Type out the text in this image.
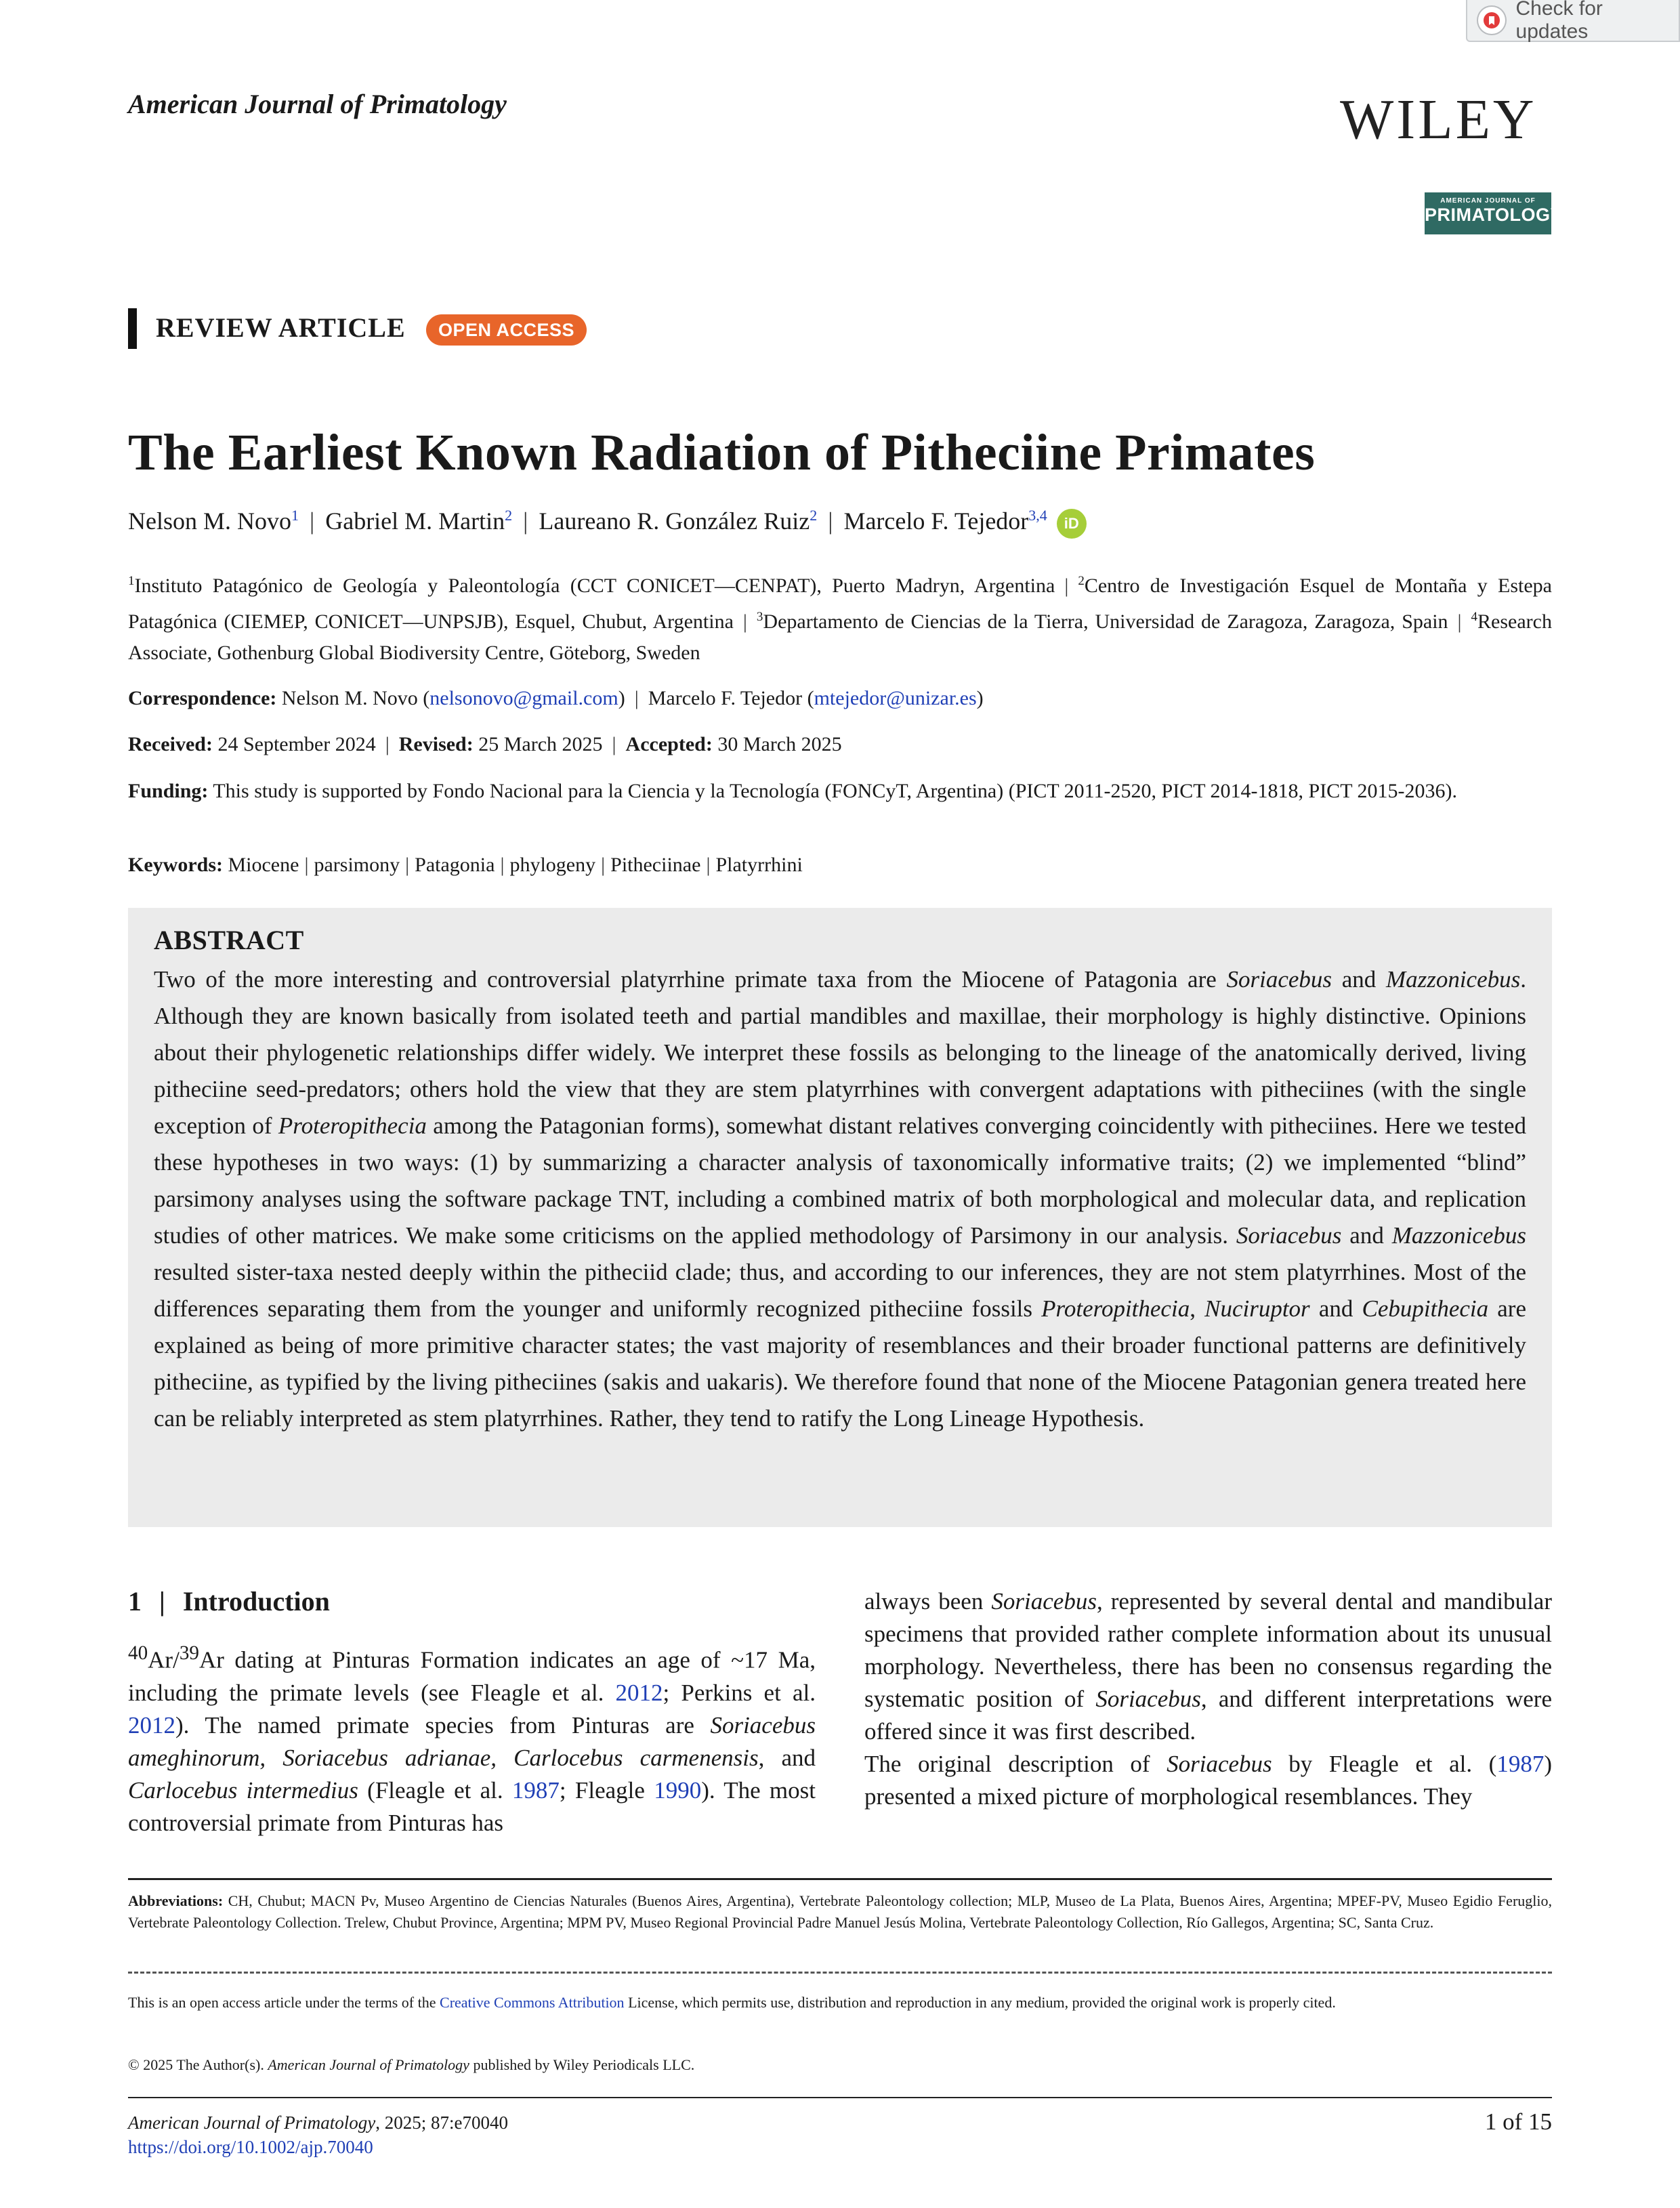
Check for updates
American Journal of Primatology	WILEY
AMERICAN JOURNAL OF
PRIMATOLOGY
REVIEW ARTICLE	OPEN ACCESS
The Earliest Known Radiation of Pitheciine Primates
Nelson M. Novo$^1$ | Gabriel M. Martin$^2$ | Laureano R. González Ruiz$^2$ | Marcelo F. Tejedor$^{3,4}$ iD
$^1$Instituto Patagónico de Geología y Paleontología (CCT CONICET—CENPAT), Puerto Madryn, Argentina | $^2$Centro de Investigación Esquel de Montaña y Estepa Patagónica (CIEMEP, CONICET—UNPSJB), Esquel, Chubut, Argentina | $^3$Departamento de Ciencias de la Tierra, Universidad de Zaragoza, Zaragoza, Spain | $^4$Research Associate, Gothenburg Global Biodiversity Centre, Göteborg, Sweden
Correspondence: Nelson M. Novo (nelsonovo@gmail.com) | Marcelo F. Tejedor (mtejedor@unizar.es)
Received: 24 September 2024 | Revised: 25 March 2025 | Accepted: 30 March 2025
Funding: This study is supported by Fondo Nacional para la Ciencia y la Tecnología (FONCyT, Argentina) (PICT 2011-2520, PICT 2014-1818, PICT 2015-2036).
Keywords: Miocene | parsimony | Patagonia | phylogeny | Pitheciinae | Platyrrhini
ABSTRACT
Two of the more interesting and controversial platyrrhine primate taxa from the Miocene of Patagonia are Soriacebus and Mazzonicebus. Although they are known basically from isolated teeth and partial mandibles and maxillae, their morphology is highly distinctive. Opinions about their phylogenetic relationships differ widely. We interpret these fossils as belonging to the lineage of the anatomically derived, living pitheciine seed-predators; others hold the view that they are stem platyrrhines with convergent adaptations with pitheciines (with the single exception of Proteropithecia among the Patagonian forms), somewhat distant relatives converging coincidently with pitheciines. Here we tested these hypotheses in two ways: (1) by summarizing a character analysis of taxonomically informative traits; (2) we implemented “blind” parsimony analyses using the software package TNT, including a combined matrix of both morphological and molecular data, and replication studies of other matrices. We make some criticisms on the applied methodology of Parsimony in our analysis. Soriacebus and Mazzonicebus resulted sister-taxa nested deeply within the pitheciid clade; thus, and according to our inferences, they are not stem platyrrhines. Most of the differences separating them from the younger and uniformly recognized pitheciine fossils Proteropithecia, Nuciruptor and Cebupithecia are explained as being of more primitive character states; the vast majority of resemblances and their broader functional patterns are definitively pitheciine, as typified by the living pitheciines (sakis and uakaris). We therefore found that none of the Miocene Patagonian genera treated here can be reliably interpreted as stem platyrrhines. Rather, they tend to ratify the Long Lineage Hypothesis.
1 | Introduction

$^{40}$Ar/$^{39}$Ar dating at Pinturas Formation indicates an age of ~17 Ma, including the primate levels (see Fleagle et al. 2012; Perkins et al. 2012). The named primate species from Pinturas are Soriacebus ameghinorum, Soriacebus adrianae, Carlocebus carmenensis, and Carlocebus intermedius (Fleagle et al. 1987; Fleagle 1990). The most controversial primate from Pinturas has

always been Soriacebus, represented by several dental and mandibular specimens that provided rather complete information about its unusual morphology. Nevertheless, there has been no consensus regarding the systematic position of Soriacebus, and different interpretations were offered since it was first described.

The original description of Soriacebus by Fleagle et al. (1987) presented a mixed picture of morphological resemblances. They

Abbreviations: CH, Chubut; MACN Pv, Museo Argentino de Ciencias Naturales (Buenos Aires, Argentina), Vertebrate Paleontology collection; MLP, Museo de La Plata, Buenos Aires, Argentina; MPEF-PV, Museo Egidio Feruglio, Vertebrate Paleontology Collection. Trelew, Chubut Province, Argentina; MPM PV, Museo Regional Provincial Padre Manuel Jesús Molina, Vertebrate Paleontology Collection, Río Gallegos, Argentina; SC, Santa Cruz.
This is an open access article under the terms of the Creative Commons Attribution License, which permits use, distribution and reproduction in any medium, provided the original work is properly cited.
© 2025 The Author(s). American Journal of Primatology published by Wiley Periodicals LLC.
American Journal of Primatology, 2025; 87:e70040
https://doi.org/10.1002/ajp.70040
1 of 15
